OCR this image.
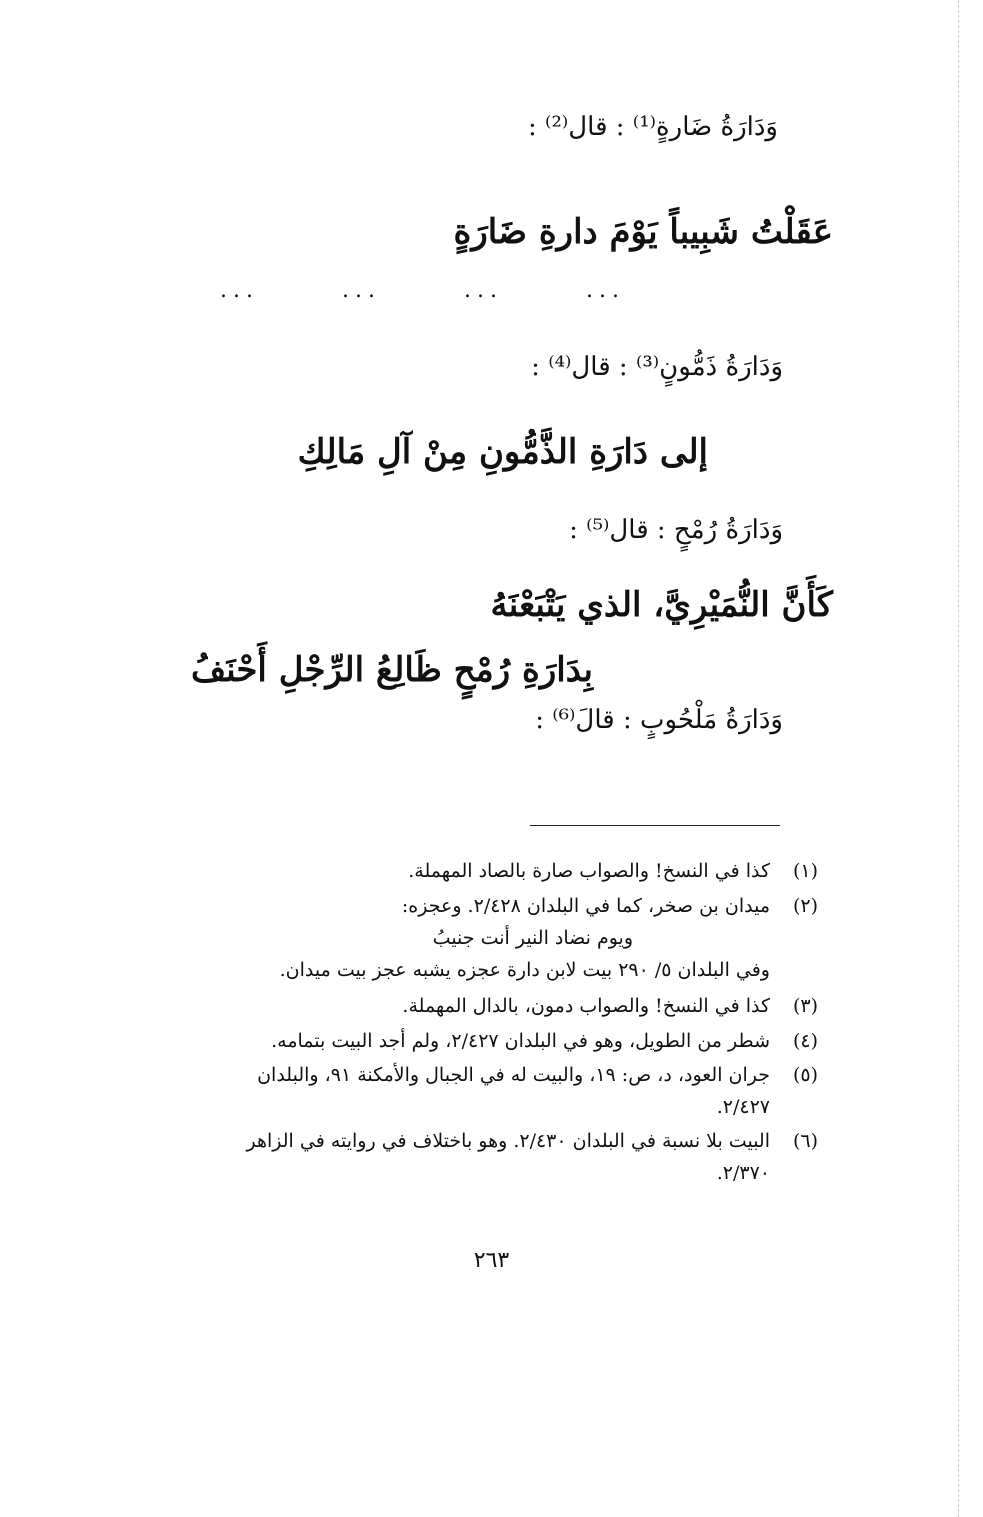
وَدَارَةُ ضَارةٍ⁽¹⁾ : قال⁽²⁾ :
عَقَلْتُ شَبِيباً يَوْمَ دارةِ ضَارَةٍ
...	...	...	...
وَدَارَةُ ذَمُّونٍ⁽³⁾ : قال⁽⁴⁾ :
إلى دَارَةِ الذَّمُّونِ مِنْ آلِ مَالِكِ
وَدَارَةُ رُمْحٍ : قال⁽⁵⁾ :
كَأَنَّ النُّمَيْرِيَّ، الذي يَتْبَعْنَهُ
بِدَارَةِ رُمْحٍ ظَالِعُ الرِّجْلِ أَحْنَفُ
وَدَارَةُ مَلْحُوبٍ : قالَ⁽⁶⁾ :
(١)
كذا في النسخ! والصواب صارة بالصاد المهملة.
(٢)
ميدان بن صخر، كما في البلدان ٢/٤٢٨. وعجزه:
ويوم نضاد النير أنت جنيبُ
وفي البلدان ٥/ ٢٩٠ بيت لابن دارة عجزه يشبه عجز بيت ميدان.
(٣)
كذا في النسخ! والصواب دمون، بالدال المهملة.
(٤)
شطر من الطويل، وهو في البلدان ٢/٤٢٧، ولم أجد البيت بتمامه.
(٥)
جران العود، د، ص: ١٩، والبيت له في الجبال والأمكنة ٩١، والبلدان
٢/٤٢٧.
(٦)
البيت بلا نسبة في البلدان ٢/٤٣٠. وهو باختلاف في روايته في الزاهر
٢/٣٧٠.
٢٦٣
